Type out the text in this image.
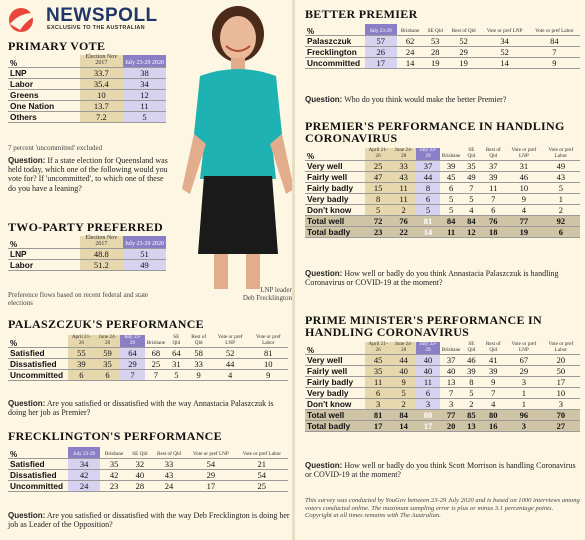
NEWSPOLL
EXCLUSIVE TO THE AUSTRALIAN
PRIMARY VOTE
%	Election Nov 2017	July 23-29 2020
LNP	33.7	38
Labor	35.4	34
Greens	10	12
One Nation	13.7	11
Others	7.2	5
7 percent 'uncommitted' excluded
Question: If a state election for Queensland was held today, which one of the following would you vote for? If 'uncommitted', to which one of these do you have a leaning?
TWO-PARTY PREFERRED
%	Election Nov 2017	July 23-29 2020
LNP	48.8	51
Labor	51.2	49
Preference flows based on recent federal and state elections
LNP leader
Deb Frecklington
PALASZCZUK'S PERFORMANCE
%	April 21-26	June 24-28	July 23-29	Brisbane	SE Qld	Rest of Qld	Vote or pref LNP	Vote or pref Labor
Satisfied	55	59	64	68	64	58	52	81
Dissatisfied	39	35	29	25	31	33	44	10
Uncommitted	6	6	7	7	5	9	4	9
Question: Are you satisfied or dissatisfied with the way Annastacia Palaszczuk is doing her job as Premier?
FRECKLINGTON'S PERFORMANCE
%	July 23-29	Brisbane	SE Qld	Rest of Qld	Vote or pref LNP	Vote or pref Labor
Satisfied	34	35	32	33	54	21
Dissatisfied	42	42	40	43	29	54
Uncommitted	24	23	28	24	17	25
Question: Are you satisfied or dissatisfied with the way Deb Frecklington is doing her job as Leader of the Opposition?
BETTER PREMIER
%	July 23-29	Brisbane	SE Qld	Rest of Qld	Vote or pref LNP	Vote or pref Labor
Palaszczuk	57	62	53	52	34	84
Frecklington	26	24	28	29	52	7
Uncommitted	17	14	19	19	14	9
Question: Who do you think would make the better Premier?
PREMIER'S PERFORMANCE IN HANDLING CORONAVIRUS
%	April 21-26	June 24-28	July 23-29	Brisbane	SE Qld	Rest of Qld	Vote or pref LNP	Vote or pref Labor
Very well	25	33	37	39	35	37	31	49
Fairly well	47	43	44	45	49	39	46	43
Fairly badly	15	11	8	6	7	11	10	5
Very badly	8	11	6	5	5	7	9	1
Don't know	5	2	5	5	4	6	4	2
Total well	72	76	81	84	84	76	77	92
Total badly	23	22	14	11	12	18	19	6
Question: How well or badly do you think Annastacia Palaszczuk is handling Coronavirus or COVID-19 at the moment?
PRIME MINISTER'S PERFORMANCE IN HANDLING CORONAVIRUS
%	April 21-26	June 24-28	July 23-29	Brisbane	SE Qld	Rest of Qld	Vote or pref LNP	Vote or pref Labor
Very well	45	44	40	37	46	41	67	20
Fairly well	35	40	40	40	39	39	29	50
Fairly badly	11	9	11	13	8	9	3	17
Very badly	6	5	6	7	5	7	1	10
Don't know	3	2	3	3	2	4	1	3
Total well	81	84	80	77	85	80	96	70
Total badly	17	14	17	20	13	16	3	27
Question: How well or badly do you think Scott Morrison is handling Coronavirus or COVID-19 at the moment?
This survey was conducted by YouGov between 23-29 July 2020 and is based on 1000 interviews among voters conducted online. The maximum sampling error is plus or minus 3.1 percentage points. Copyright at all times remains with The Australian.
